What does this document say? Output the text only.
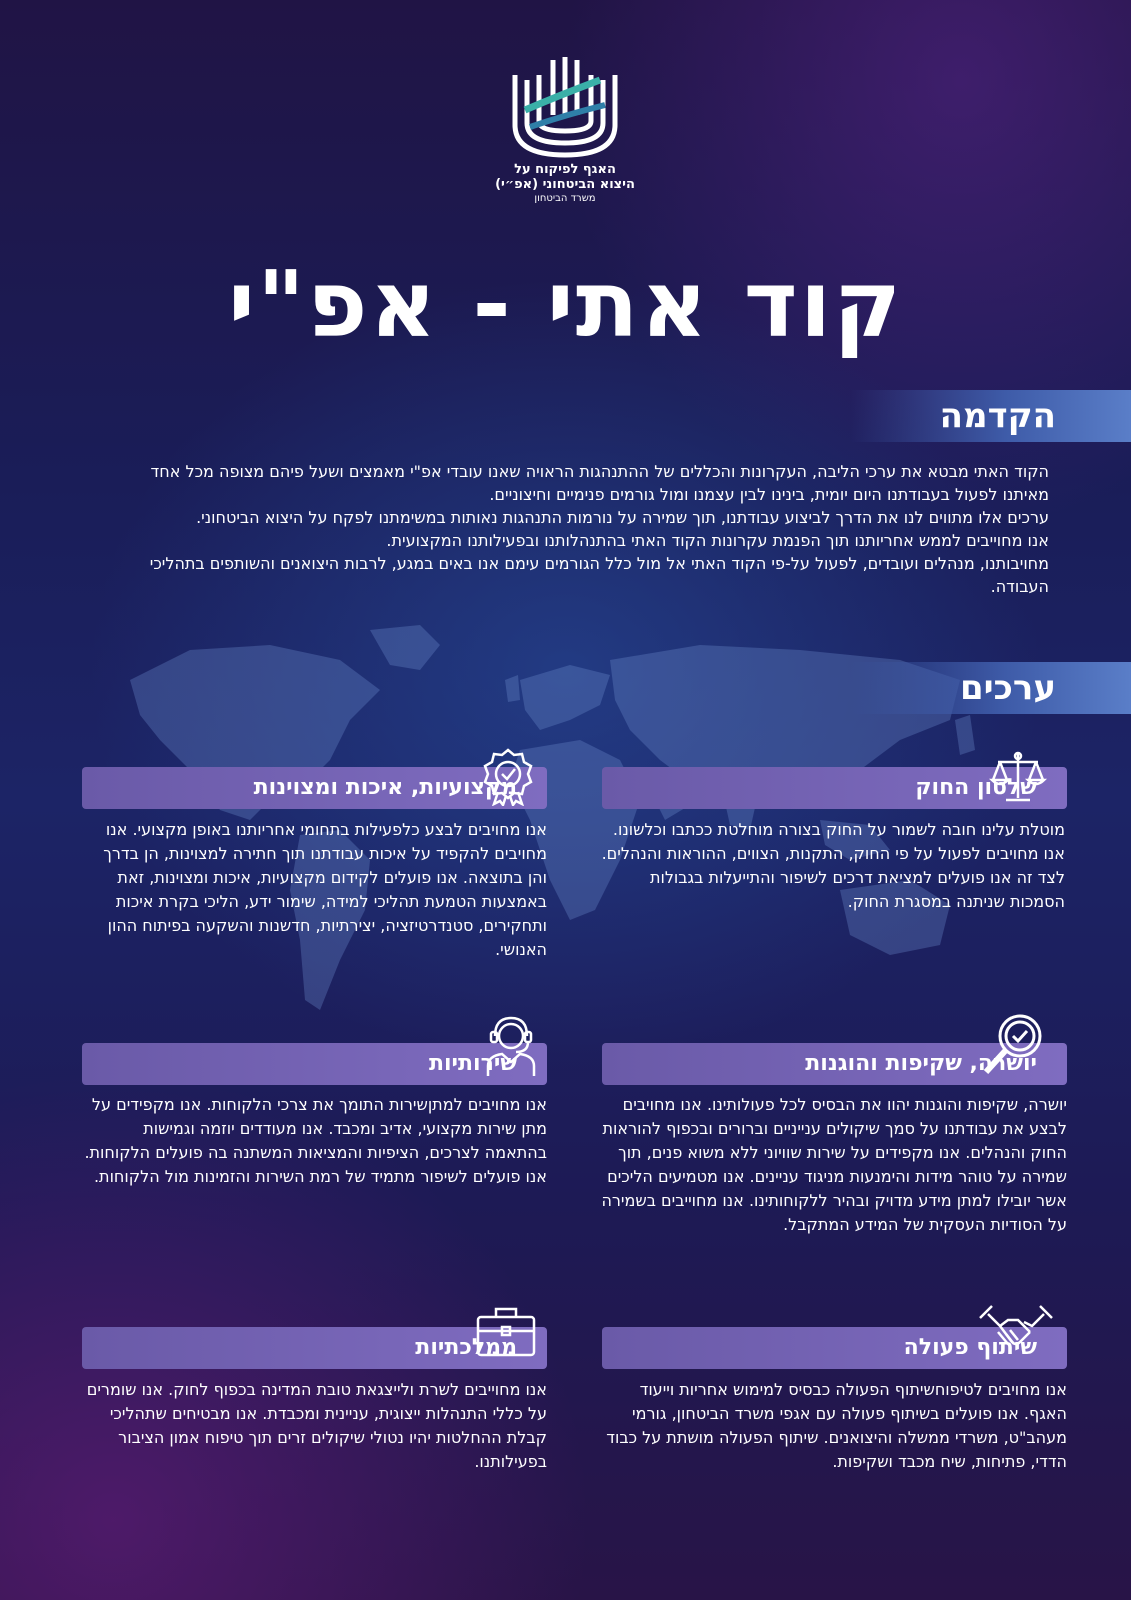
האגף לפיקוח על
היצוא הביטחוני (אפ״י)
משרד הביטחון
קוד אתי - אפ"י
הקדמה
הקוד האתי מבטא את ערכי הליבה, העקרונות והכללים של ההתנהגות הראויה שאנו עובדי אפ"י מאמצים ושעל פיהם מצופה מכל אחד מאיתנו לפעול בעבודתנו היום יומית, בינינו לבין עצמנו ומול גורמים פנימיים וחיצוניים.
ערכים אלו מתווים לנו את הדרך לביצוע עבודתנו, תוך שמירה על נורמות התנהגות נאותות במשימתנו לפקח על היצוא הביטחוני.
אנו מחוייבים לממש אחריותנו תוך הפנמת עקרונות הקוד האתי בהתנהלותנו ובפעילותנו המקצועית.
מחויבותנו, מנהלים ועובדים, לפעול על-פי הקוד האתי אל מול כלל הגורמים עימם אנו באים במגע, לרבות היצואנים והשותפים בתהליכי העבודה.
ערכים
שלטון החוק
מוטלת עלינו חובה לשמור על החוק בצורה מוחלטת ככתבו וכלשונו. אנו מחויבים לפעול על פי החוק, התקנות, הצווים, ההוראות והנהלים. לצד זה אנו פועלים למציאת דרכים לשיפור והתייעלות בגבולות הסמכות שניתנה במסגרת החוק.
מקצועיות, איכות ומצוינות
אנו מחויבים לבצע כלפעילות בתחומי אחריותנו באופן מקצועי. אנו מחויבים להקפיד על איכות עבודתנו תוך חתירה למצוינות, הן בדרך והן בתוצאה. אנו פועלים לקידום מקצועיות, איכות ומצוינות, זאת באמצעות הטמעת תהליכי למידה, שימור ידע, הליכי בקרת איכות ותחקירים, סטנדרטיזציה, יצירתיות, חדשנות והשקעה בפיתוח ההון האנושי.
יושרה, שקיפות והוגנות
יושרה, שקיפות והוגנות יהוו את הבסיס לכל פעולותינו. אנו מחויבים לבצע את עבודתנו על סמך שיקולים ענייניים וברורים ובכפוף להוראות החוק והנהלים. אנו מקפידים על שירות שוויוני ללא משוא פנים, תוך שמירה על טוהר מידות והימנעות מניגוד עניינים. אנו מטמיעים הליכים אשר יובילו למתן מידע מדויק ובהיר ללקוחותינו. אנו מחוייבים בשמירה על הסודיות העסקית של המידע המתקבל.
שירותיות
אנו מחויבים למתןשירות התומך את צרכי הלקוחות. אנו מקפידים על מתן שירות מקצועי, אדיב ומכבד. אנו מעודדים יוזמה וגמישות בהתאמה לצרכים, הציפיות והמציאות המשתנה בה פועלים הלקוחות. אנו פועלים לשיפור מתמיד של רמת השירות והזמינות מול הלקוחות.
שיתוף פעולה
אנו מחויבים לטיפוחשיתוף הפעולה כבסיס למימוש אחריות וייעוד האגף. אנו פועלים בשיתוף פעולה עם אגפי משרד הביטחון, גורמי מעהב"ט, משרדי ממשלה והיצואנים. שיתוף הפעולה מושתת על כבוד הדדי, פתיחות, שיח מכבד ושקיפות.
ממלכתיות
אנו מחוייבים לשרת ולייצגאת טובת המדינה בכפוף לחוק. אנו שומרים על כללי התנהלות ייצוגית, עניינית ומכבדת. אנו מבטיחים שתהליכי קבלת ההחלטות יהיו נטולי שיקולים זרים תוך טיפוח אמון הציבור בפעילותנו.
